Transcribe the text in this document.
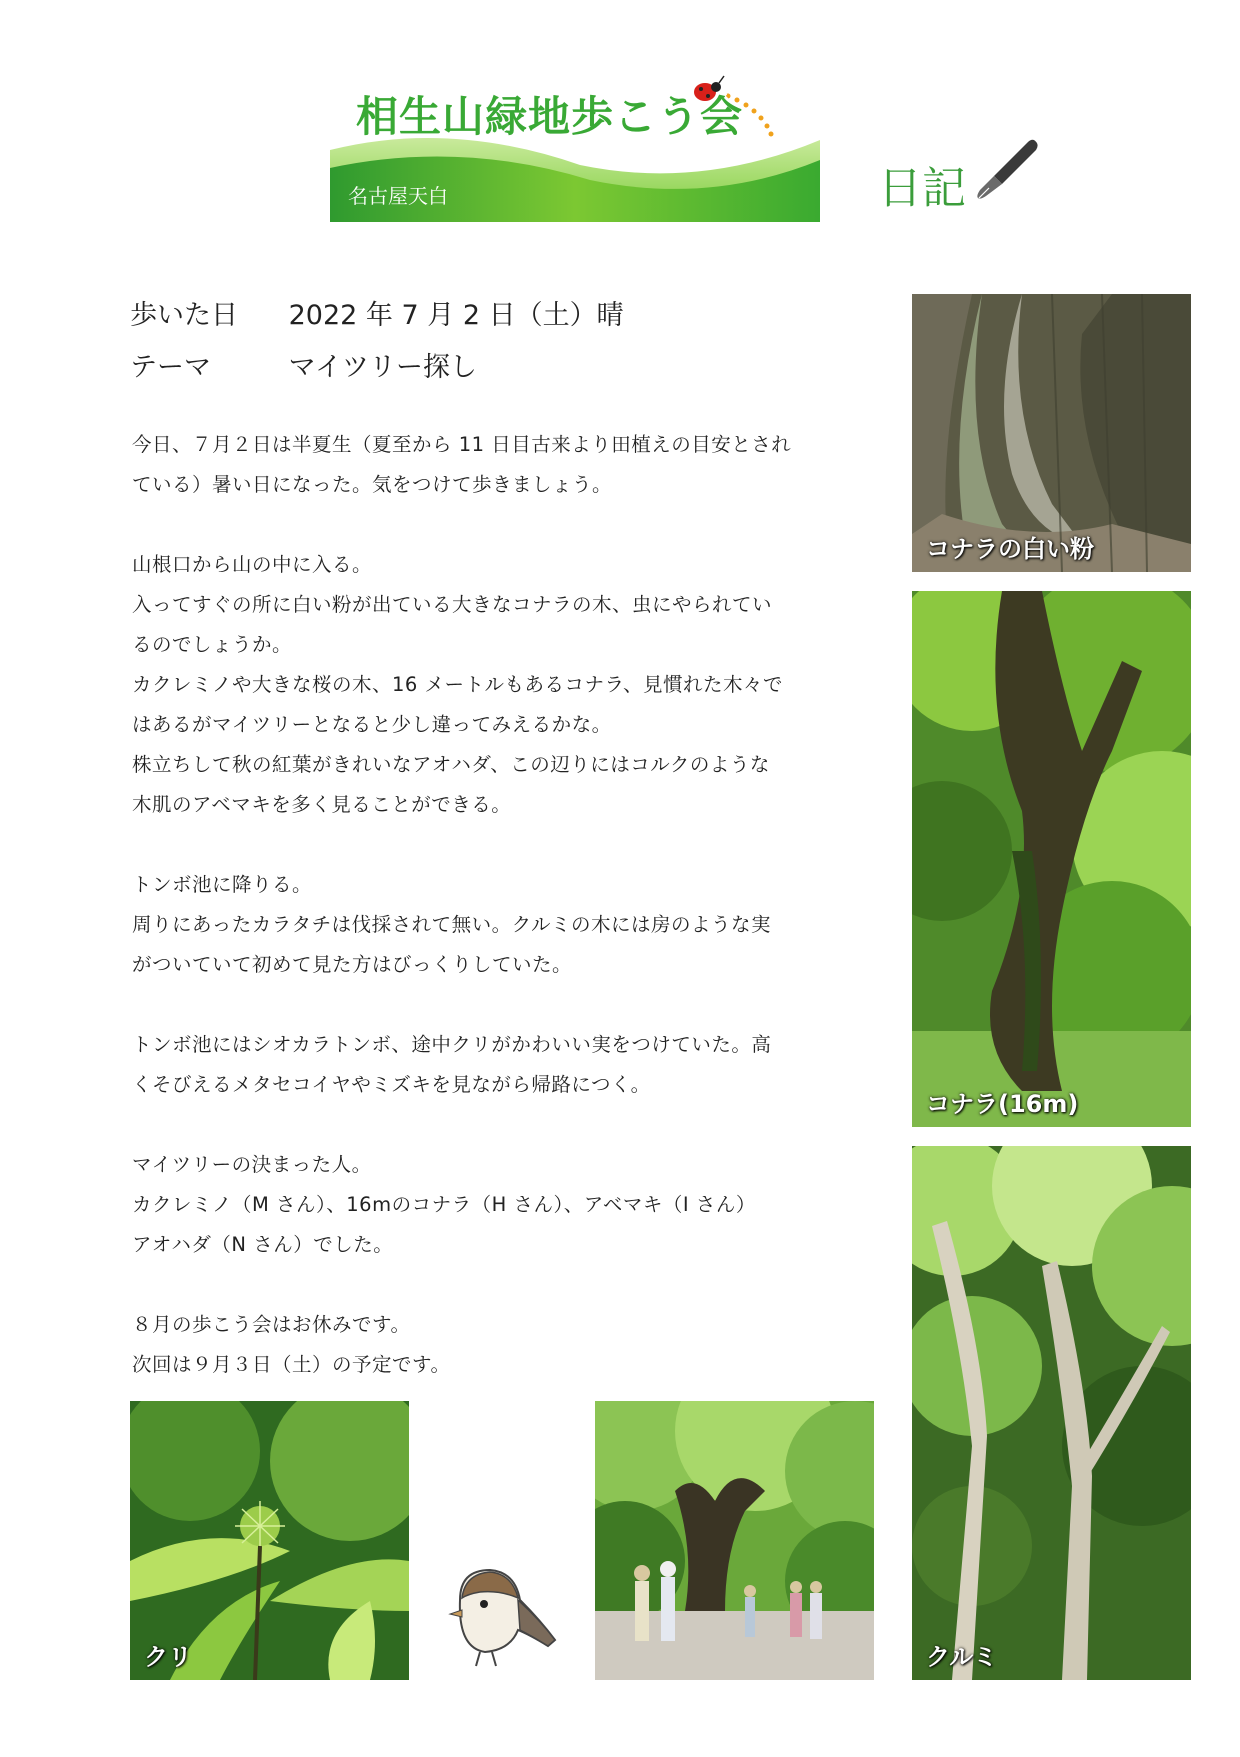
相生山緑地歩こう会
名古屋天白	日記
歩いた日 2022 年 7 月 2 日（土）晴
テーマ	マイツリー探し

今日、７月２日は半夏生（夏至から 11 日目古来より田植えの目安とされ

ている）暑い日になった。気をつけて歩きましょう。

山根口から山の中に入る。

入ってすぐの所に白い粉が出ている大きなコナラの木、虫にやられてい

るのでしょうか。

カクレミノや大きな桜の木、16 メートルもあるコナラ、見慣れた木々で

はあるがマイツリーとなると少し違ってみえるかな。

株立ちして秋の紅葉がきれいなアオハダ、この辺りにはコルクのような

木肌のアベマキを多く見ることができる。

トンボ池に降りる。

周りにあったカラタチは伐採されて無い。クルミの木には房のような実

がついていて初めて見た方はびっくりしていた。

トンボ池にはシオカラトンボ、途中クリがかわいい実をつけていた。高

くそびえるメタセコイヤやミズキを見ながら帰路につく。

マイツリーの決まった人。

カクレミノ（M さん）、16mのコナラ（H さん）、アベマキ（I さん）

アオハダ（N さん）でした。

８月の歩こう会はお休みです。

次回は９月３日（土）の予定です。

コナラの白い粉
コナラ(16m)
クルミ
クリ
